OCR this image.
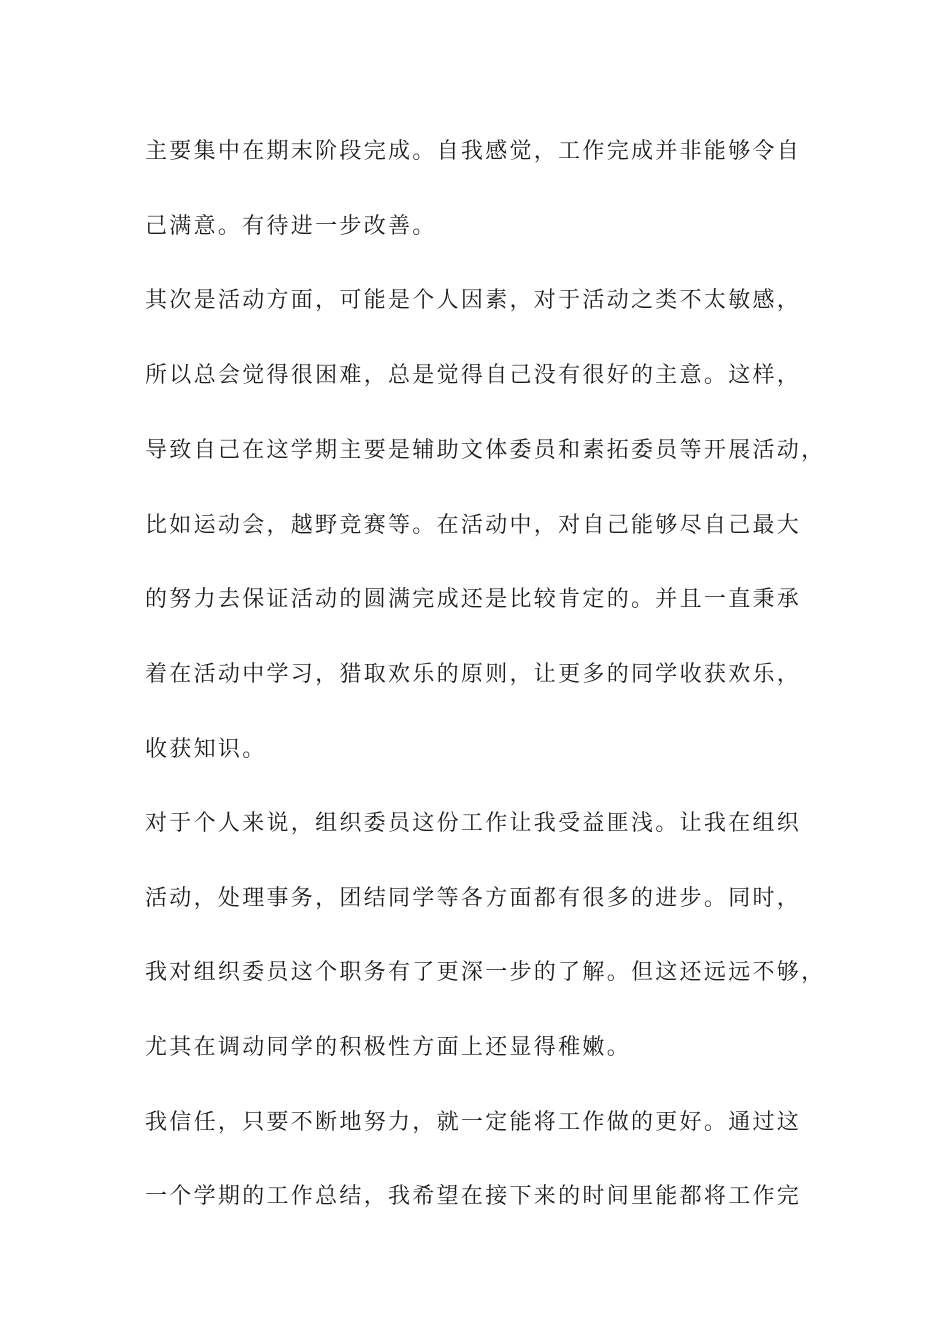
主要集中在期末阶段完成。自我感觉，工作完成并非能够令自
己满意。有待进一步改善。
其次是活动方面，可能是个人因素，对于活动之类不太敏感，
所以总会觉得很困难，总是觉得自己没有很好的主意。这样，
导致自己在这学期主要是辅助文体委员和素拓委员等开展活动，
比如运动会，越野竞赛等。在活动中，对自己能够尽自己最大
的努力去保证活动的圆满完成还是比较肯定的。并且一直秉承
着在活动中学习，猎取欢乐的原则，让更多的同学收获欢乐，
收获知识。
对于个人来说，组织委员这份工作让我受益匪浅。让我在组织
活动，处理事务，团结同学等各方面都有很多的进步。同时，
我对组织委员这个职务有了更深一步的了解。但这还远远不够，
尤其在调动同学的积极性方面上还显得稚嫩。
我信任，只要不断地努力，就一定能将工作做的更好。通过这
一个学期的工作总结，我希望在接下来的时间里能都将工作完
